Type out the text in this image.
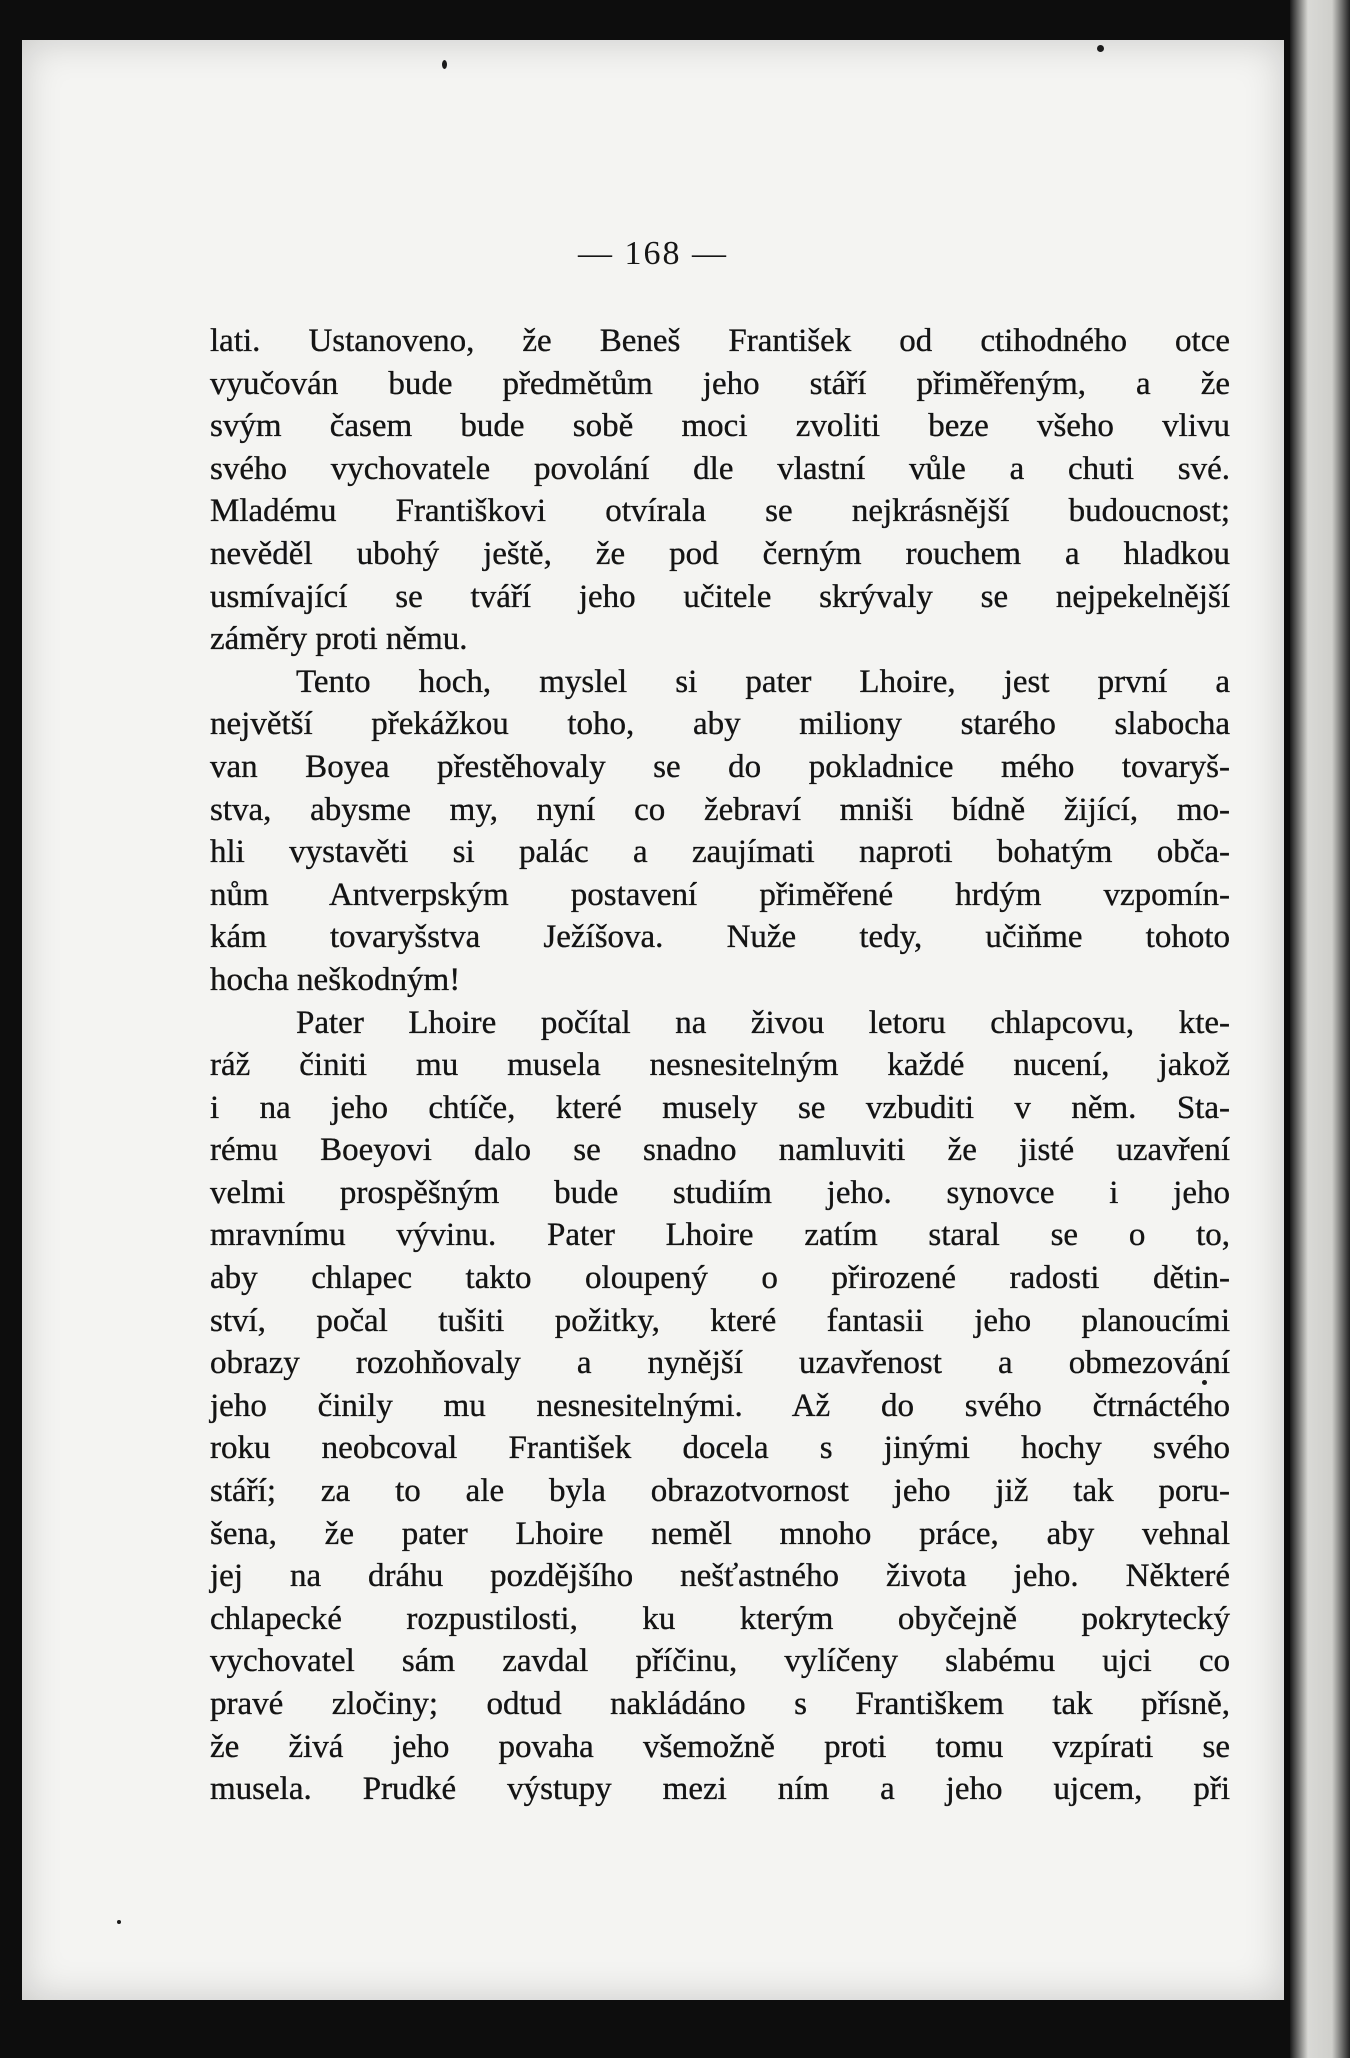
— 168 —
lati. Ustanoveno, že Beneš František od ctihodného otce
vyučován bude předmětům jeho stáří přiměřeným, a že
svým časem bude sobě moci zvoliti beze všeho vlivu
svého vychovatele povolání dle vlastní vůle a chuti své.
Mladému Františkovi otvírala se nejkrásnější budoucnost;
nevěděl ubohý ještě, že pod černým rouchem a hladkou
usmívající se tváří jeho učitele skrývaly se nejpekelnější
záměry proti němu.
Tento hoch, myslel si pater Lhoire, jest první a
největší překážkou toho, aby miliony starého slabocha
van Boyea přestěhovaly se do pokladnice mého tovaryš-
stva, abysme my, nyní co žebraví mniši bídně žijící, mo-
hli vystavěti si palác a zaujímati naproti bohatým obča-
nům Antverpským postavení přiměřené hrdým vzpomín-
kám tovaryšstva Ježíšova. Nuže tedy, učiňme tohoto
hocha neškodným!
Pater Lhoire počítal na živou letoru chlapcovu, kte-
ráž činiti mu musela nesnesitelným každé nucení, jakož
i na jeho chtíče, které musely se vzbuditi v něm. Sta-
rému Boeyovi dalo se snadno namluviti že jisté uzavření
velmi prospěšným bude studiím jeho. synovce i jeho
mravnímu vývinu. Pater Lhoire zatím staral se o to,
aby chlapec takto oloupený o přirozené radosti dětin-
ství, počal tušiti požitky, které fantasii jeho planoucími
obrazy rozohňovaly a nynější uzavřenost a obmezování
jeho činily mu nesnesitelnými. Až do svého čtrnáctého
roku neobcoval František docela s jinými hochy svého
stáří; za to ale byla obrazotvornost jeho již tak poru-
šena, že pater Lhoire neměl mnoho práce, aby vehnal
jej na dráhu pozdějšího nešťastného života jeho. Některé
chlapecké rozpustilosti, ku kterým obyčejně pokrytecký
vychovatel sám zavdal příčinu, vylíčeny slabému ujci co
pravé zločiny; odtud nakládáno s Františkem tak přísně,
že živá jeho povaha všemožně proti tomu vzpírati se
musela. Prudké výstupy mezi ním a jeho ujcem, při
